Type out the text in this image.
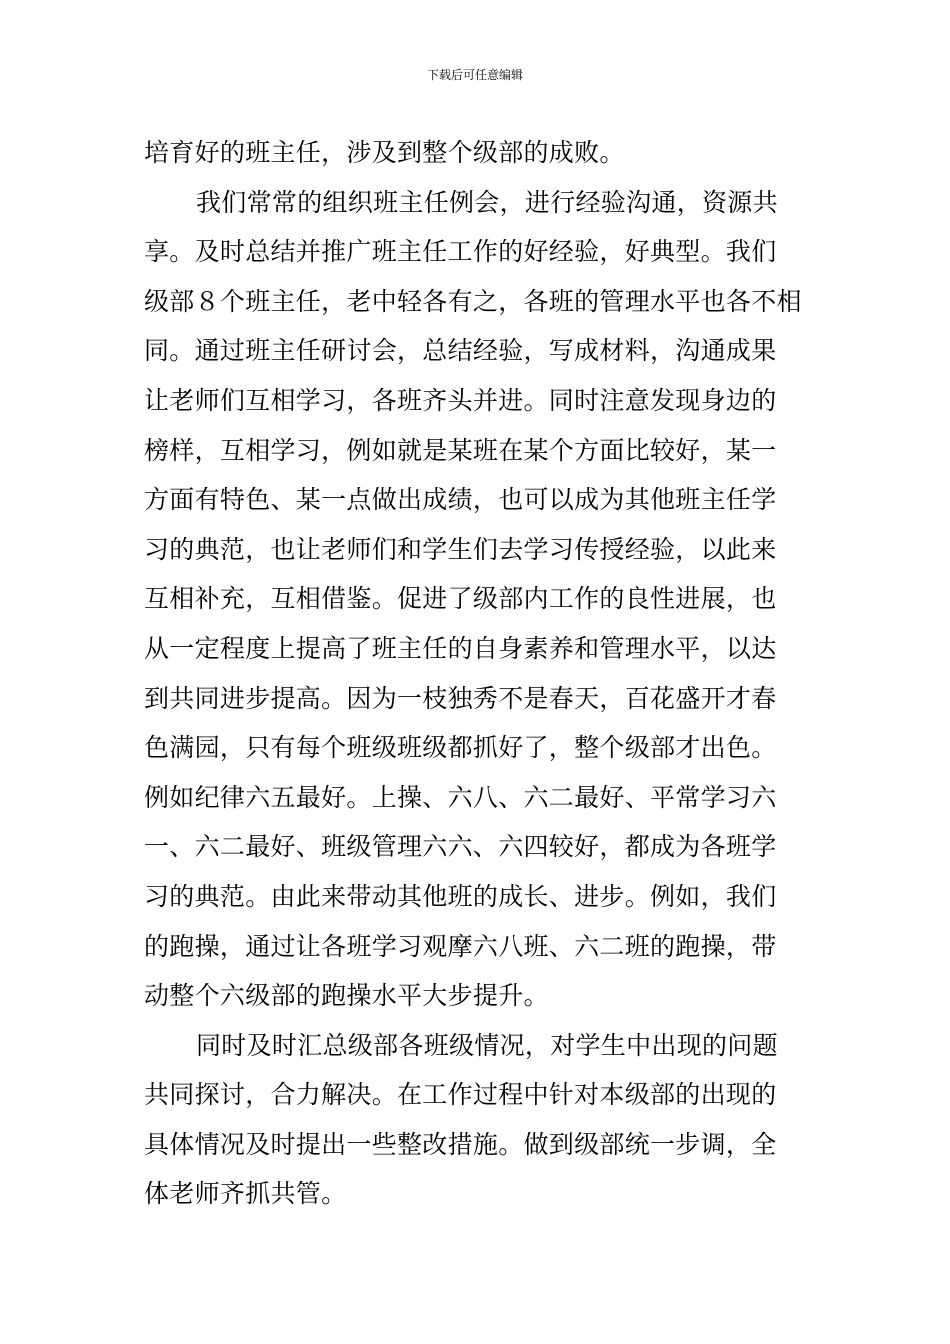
下载后可任意编辑
培育好的班主任，涉及到整个级部的成败。
我们常常的组织班主任例会，进行经验沟通，资源共
享。及时总结并推广班主任工作的好经验，好典型。我们
级部８个班主任，老中轻各有之，各班的管理水平也各不相
同。通过班主任研讨会，总结经验，写成材料，沟通成果
让老师们互相学习，各班齐头并进。同时注意发现身边的
榜样，互相学习，例如就是某班在某个方面比较好，某一
方面有特色、某一点做出成绩，也可以成为其他班主任学
习的典范，也让老师们和学生们去学习传授经验，以此来
互相补充，互相借鉴。促进了级部内工作的良性进展，也
从一定程度上提高了班主任的自身素养和管理水平，以达
到共同进步提高。因为一枝独秀不是春天，百花盛开才春
色满园，只有每个班级班级都抓好了，整个级部才出色。
例如纪律六五最好。上操、六八、六二最好、平常学习六
一、六二最好、班级管理六六、六四较好，都成为各班学
习的典范。由此来带动其他班的成长、进步。例如，我们
的跑操，通过让各班学习观摩六八班、六二班的跑操，带
动整个六级部的跑操水平大步提升。
同时及时汇总级部各班级情况，对学生中出现的问题
共同探讨，合力解决。在工作过程中针对本级部的出现的
具体情况及时提出一些整改措施。做到级部统一步调，全
体老师齐抓共管。
